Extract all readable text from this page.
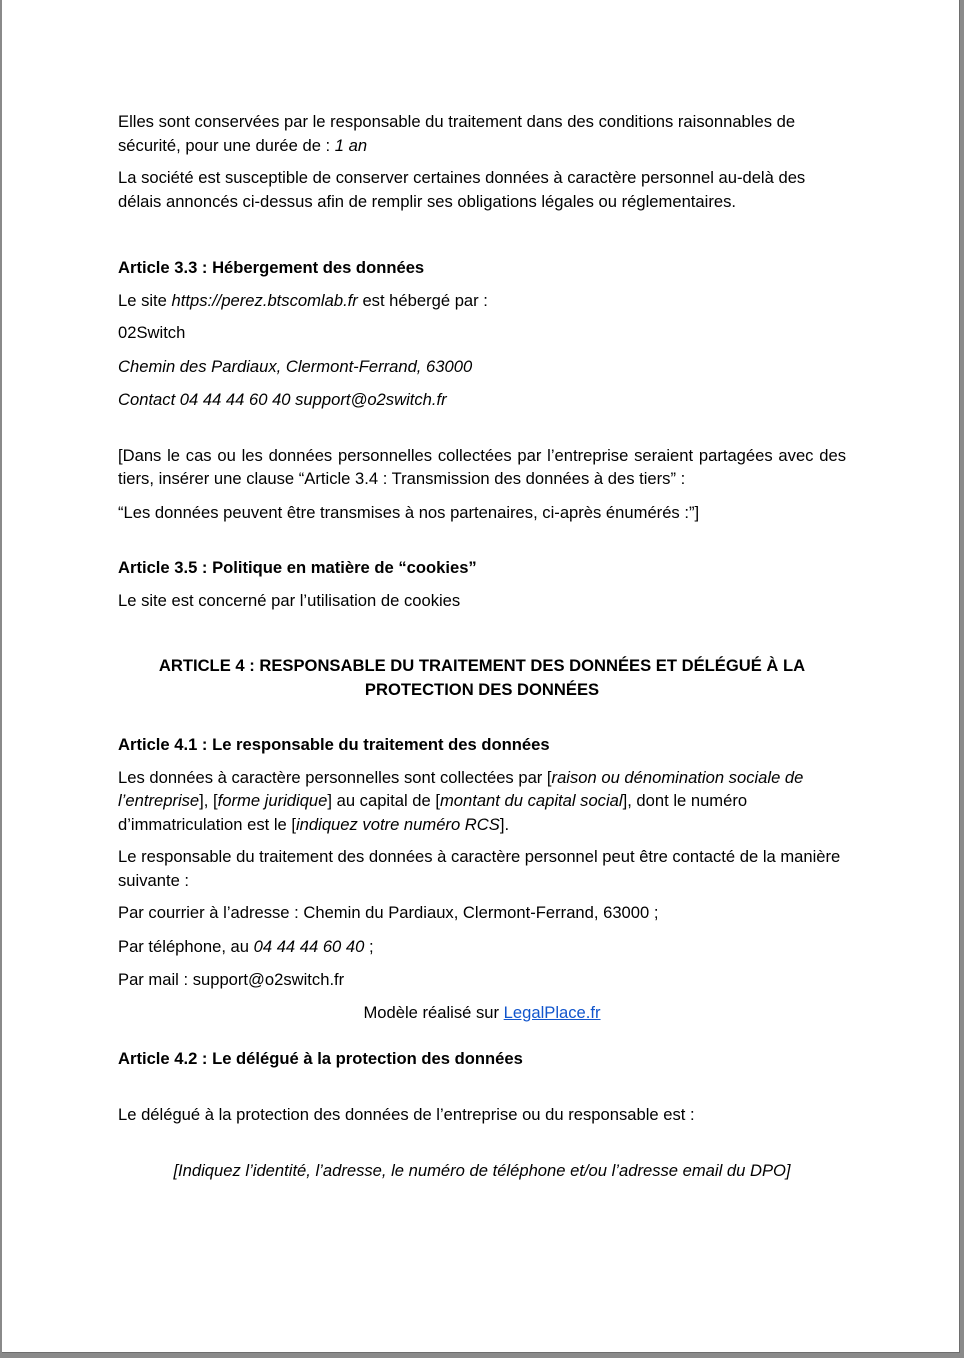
Elles sont conservées par le responsable du traitement dans des conditions raisonnables de sécurité, pour une durée de : 1 an

La société est susceptible de conserver certaines données à caractère personnel au-delà des délais annoncés ci-dessus afin de remplir ses obligations légales ou réglementaires.

Article 3.3 : Hébergement des données

Le site https://perez.btscomlab.fr est hébergé par :

02Switch

Chemin des Pardiaux, Clermont-Ferrand, 63000

Contact 04 44 44 60 40 support@o2switch.fr

[Dans le cas ou les données personnelles collectées par l’entreprise seraient partagées avec des tiers, insérer une clause “Article 3.4 : Transmission des données à des tiers” :

“Les données peuvent être transmises à nos partenaires, ci-après énumérés :”]

Article 3.5 : Politique en matière de “cookies”

Le site est concerné par l’utilisation de cookies

ARTICLE 4 : RESPONSABLE DU TRAITEMENT DES DONNÉES ET DÉLÉGUÉ À LA

PROTECTION DES DONNÉES

Article 4.1 : Le responsable du traitement des données

Les données à caractère personnelles sont collectées par [raison ou dénomination sociale de l’entreprise], [forme juridique] au capital de [montant du capital social], dont le numéro d’immatriculation est le [indiquez votre numéro RCS].

Le responsable du traitement des données à caractère personnel peut être contacté de la manière suivante :

Par courrier à l’adresse : Chemin du Pardiaux, Clermont-Ferrand, 63000 ;

Par téléphone, au 04 44 44 60 40 ;

Par mail : support@o2switch.fr

Modèle réalisé sur LegalPlace.fr

Article 4.2 : Le délégué à la protection des données

Le délégué à la protection des données de l’entreprise ou du responsable est :

[Indiquez l’identité, l’adresse, le numéro de téléphone et/ou l’adresse email du DPO]
